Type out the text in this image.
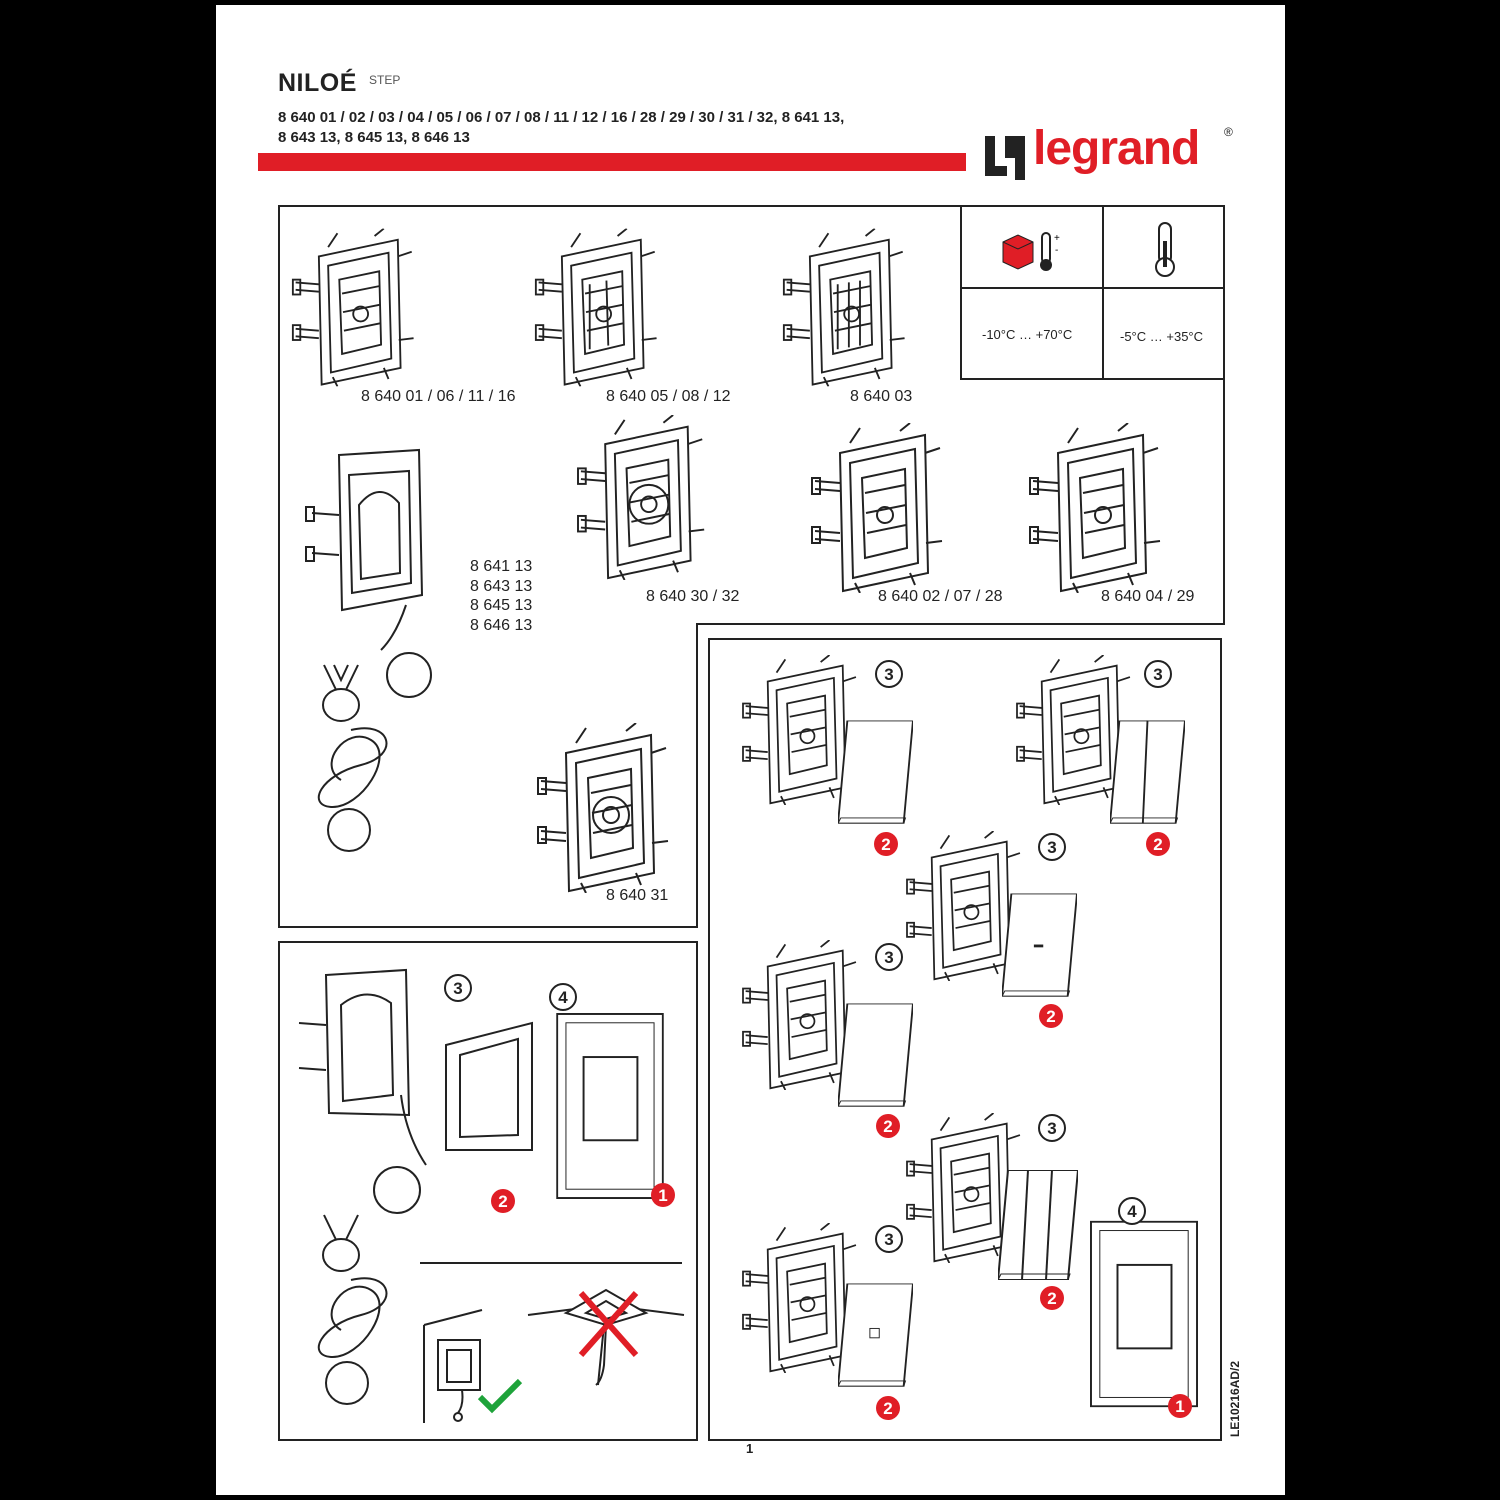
NILOÉ STEP
8 640 01 / 02 / 03 / 04 / 05 / 06 / 07 / 08 / 11 / 12 / 16 / 28 / 29 / 30 / 31 / 32, 8 641 13,
8 643 13, 8 645 13, 8 646 13	legrand ®
+
-
-10°C … +70°C	-5°C … +35°C
8 640 01 / 06 / 11 / 16	8 640 05 / 08 / 12	8 640 03
8 641 13
8 643 13
8 645 13
8 646 13
8 640 30 / 32	8 640 02 / 07 / 28	8 640 04 / 29
8 640 31
3	3
3
3
3
3
4
3	4
2	2
2
2
2
2	1
2	1
1
LE10216AD/2
